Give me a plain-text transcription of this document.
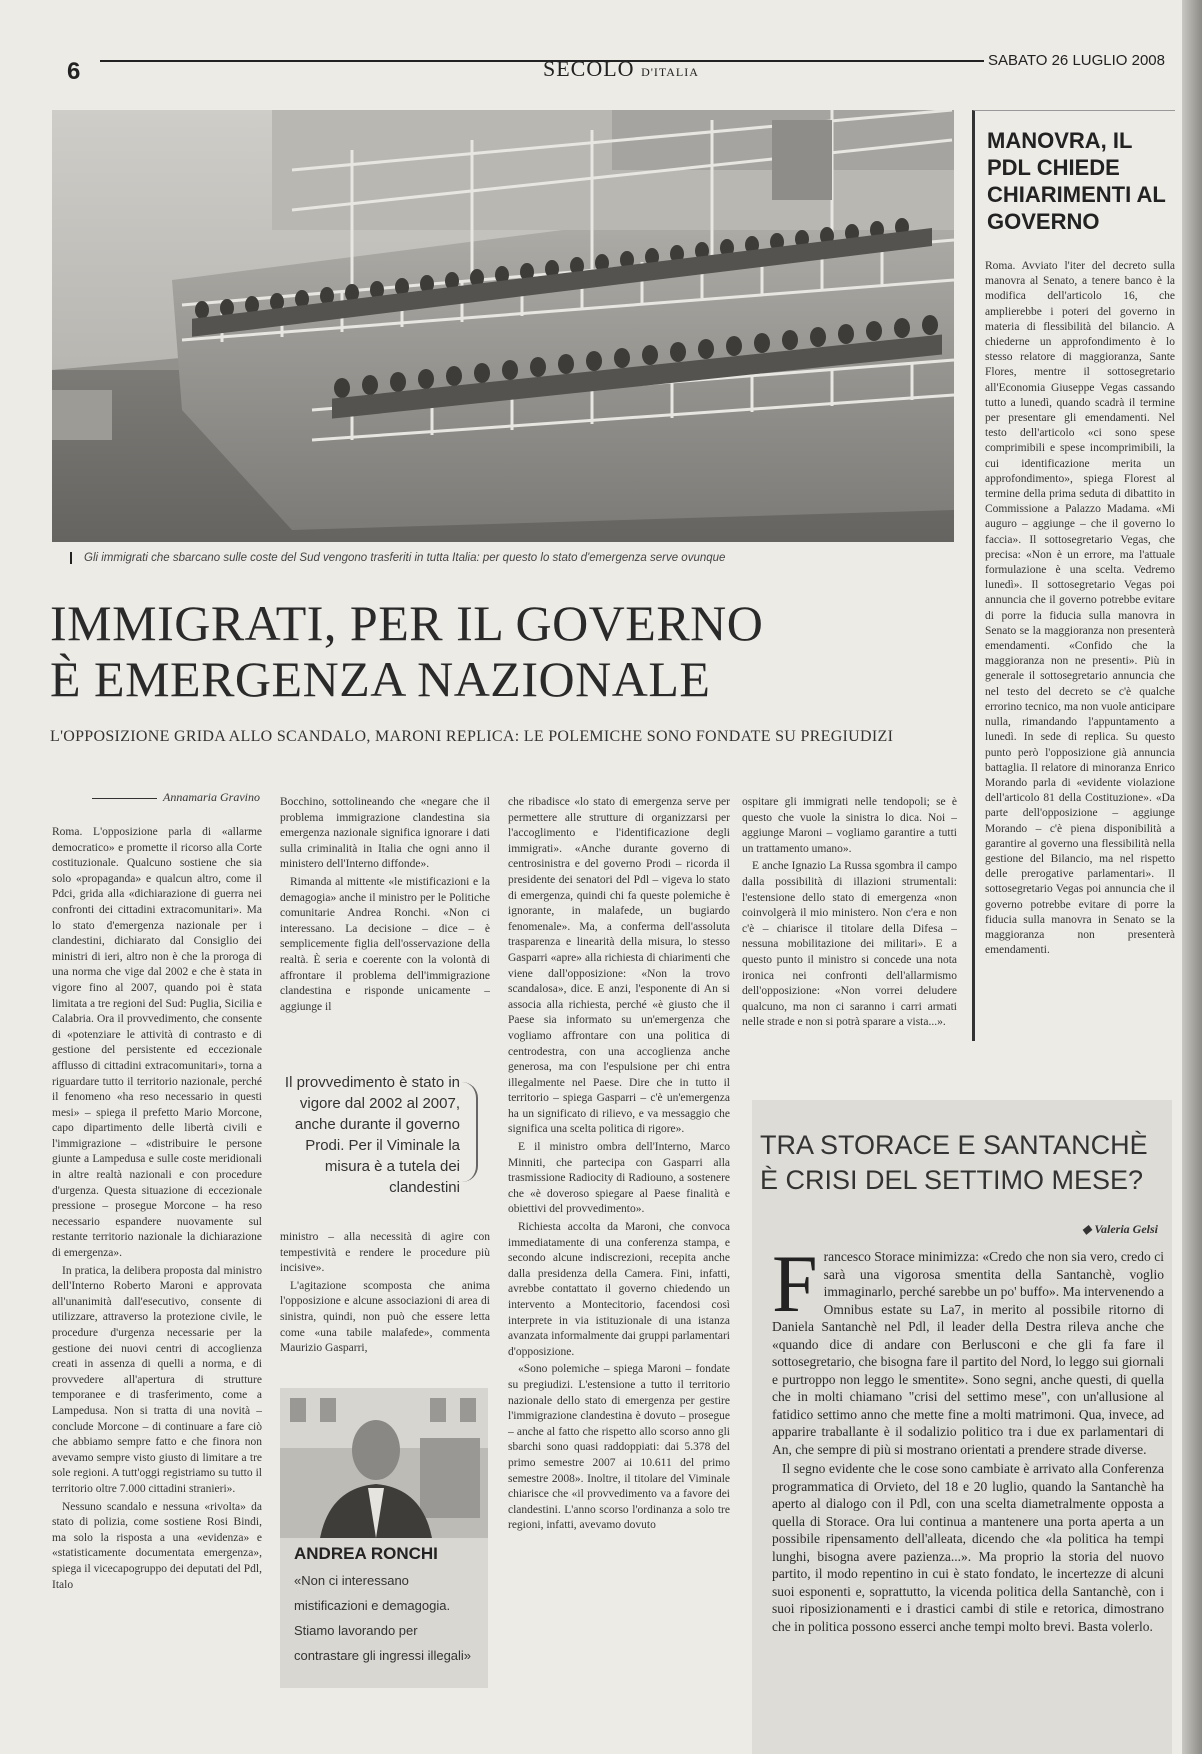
6	SECOLO D'ITALIA
SABATO 26 LUGLIO 2008
Gli immigrati che sbarcano sulle coste del Sud vengono trasferiti in tutta Italia: per questo lo stato d'emergenza serve ovunque
IMMIGRATI, PER IL GOVERNO
È EMERGENZA NAZIONALE
L'OPPOSIZIONE GRIDA ALLO SCANDALO, MARONI REPLICA: LE POLEMICHE SONO FONDATE SU PREGIUDIZI
Annamaria Gravino

Roma. L'opposizione parla di «allarme democratico» e promette il ricorso alla Corte costituzionale. Qualcuno sostiene che sia solo «propaganda» e qualcun altro, come il Pdci, grida alla «dichiarazione di guerra nei confronti dei cittadini extracomunitari». Ma lo stato d'emergenza nazionale per i clandestini, dichiarato dal Consiglio dei ministri di ieri, altro non è che la proroga di una norma che vige dal 2002 e che è stata in vigore fino al 2007, quando poi è stata limitata a tre regioni del Sud: Puglia, Sicilia e Calabria. Ora il provvedimento, che consente di «potenziare le attività di contrasto e di gestione del persistente ed eccezionale afflusso di cittadini extracomunitari», torna a riguardare tutto il territorio nazionale, perché il fenomeno «ha reso necessario in questi mesi» – spiega il prefetto Mario Morcone, capo dipartimento delle libertà civili e l'immigrazione – «distribuire le persone giunte a Lampedusa e sulle coste meridionali in altre realtà nazionali e con procedure d'urgenza. Questa situazione di eccezionale pressione – prosegue Morcone – ha reso necessario espandere nuovamente sul restante territorio nazionale la dichiarazione di emergenza».

In pratica, la delibera proposta dal ministro dell'Interno Roberto Maroni e approvata all'unanimità dall'esecutivo, consente di utilizzare, attraverso la protezione civile, le procedure d'urgenza necessarie per la gestione dei nuovi centri di accoglienza creati in assenza di quelli a norma, e di provvedere all'apertura di strutture temporanee e di trasferimento, come a Lampedusa. Non si tratta di una novità – conclude Morcone – di continuare a fare ciò che abbiamo sempre fatto e che finora non avevamo sempre visto giusto di limitare a tre sole regioni. A tutt'oggi registriamo su tutto il territorio oltre 7.000 cittadini stranieri».

Nessuno scandalo e nessuna «rivolta» da stato di polizia, come sostiene Rosi Bindi, ma solo la risposta a una «evidenza» e «statisticamente documentata emergenza», spiega il vicecapogruppo dei deputati del Pdl, Italo

Bocchino, sottolineando che «negare che il problema immigrazione clandestina sia emergenza nazionale significa ignorare i dati sulla criminalità in Italia che ogni anno il ministero dell'Interno diffonde».

Rimanda al mittente «le mistificazioni e la demagogia» anche il ministro per le Politiche comunitarie Andrea Ronchi. «Non ci interessano. La decisione – dice – è semplicemente figlia dell'osservazione della realtà. È seria e coerente con la volontà di affrontare il problema dell'immigrazione clandestina e risponde unicamente – aggiunge il

Il provvedimento è stato in vigore dal 2002 al 2007, anche durante il governo Prodi. Per il Viminale la misura è a tutela dei clandestini

ministro – alla necessità di agire con tempestività e rendere le procedure più incisive».

L'agitazione scomposta che anima l'opposizione e alcune associazioni di area di sinistra, quindi, non può che essere letta come «una tabile malafede», commenta Maurizio Gasparri,

ANDREA RONCHI
«Non ci interessano mistificazioni e demagogia. Stiamo lavorando per contrastare gli ingressi illegali»

che ribadisce «lo stato di emergenza serve per permettere alle strutture di organizzarsi per l'accoglimento e l'identificazione degli immigrati». «Anche durante governo di centrosinistra e del governo Prodi – ricorda il presidente dei senatori del Pdl – vigeva lo stato di emergenza, quindi chi fa queste polemiche è ignorante, in malafede, un bugiardo fenomenale». Ma, a conferma dell'assoluta trasparenza e linearità della misura, lo stesso Gasparri «apre» alla richiesta di chiarimenti che viene dall'opposizione: «Non la trovo scandalosa», dice. E anzi, l'esponente di An si associa alla richiesta, perché «è giusto che il Paese sia informato su un'emergenza che vogliamo affrontare con una politica di centrodestra, con una accoglienza anche generosa, ma con l'espulsione per chi entra illegalmente nel Paese. Dire che in tutto il territorio – spiega Gasparri – c'è un'emergenza ha un significato di rilievo, e va messaggio che significa una scelta politica di rigore».

E il ministro ombra dell'Interno, Marco Minniti, che partecipa con Gasparri alla trasmissione Radiocity di Radiouno, a sostenere che «è doveroso spiegare al Paese finalità e obiettivi del provvedimento».

Richiesta accolta da Maroni, che convoca immediatamente di una conferenza stampa, e secondo alcune indiscrezioni, recepita anche dalla presidenza della Camera. Fini, infatti, avrebbe contattato il governo chiedendo un intervento a Montecitorio, facendosi così interprete in via istituzionale di una istanza avanzata informalmente dai gruppi parlamentari d'opposizione.

«Sono polemiche – spiega Maroni – fondate su pregiudizi. L'estensione a tutto il territorio nazionale dello stato di emergenza per gestire l'immigrazione clandestina è dovuto – prosegue – anche al fatto che rispetto allo scorso anno gli sbarchi sono quasi raddoppiati: dai 5.378 del primo semestre 2007 ai 10.611 del primo semestre 2008». Inoltre, il titolare del Viminale chiarisce che «il provvedimento va a favore dei clandestini. L'anno scorso l'ordinanza a solo tre regioni, infatti, avevamo dovuto

ospitare gli immigrati nelle tendopoli; se è questo che vuole la sinistra lo dica. Noi – aggiunge Maroni – vogliamo garantire a tutti un trattamento umano».

E anche Ignazio La Russa sgombra il campo dalla possibilità di illazioni strumentali: l'estensione dello stato di emergenza «non coinvolgerà il mio ministero. Non c'era e non c'è – chiarisce il titolare della Difesa – nessuna mobilitazione dei militari». E a questo punto il ministro si concede una nota ironica nei confronti dell'allarmismo dell'opposizione: «Non vorrei deludere qualcuno, ma non ci saranno i carri armati nelle strade e non si potrà sparare a vista...».

MANOVRA, IL PDL CHIEDE CHIARIMENTI AL GOVERNO

Roma. Avviato l'iter del decreto sulla manovra al Senato, a tenere banco è la modifica dell'articolo 16, che amplierebbe i poteri del governo in materia di flessibilità del bilancio. A chiederne un approfondimento è lo stesso relatore di maggioranza, Sante Flores, mentre il sottosegretario all'Economia Giuseppe Vegas cassando tutto a lunedì, quando scadrà il termine per presentare gli emendamenti. Nel testo dell'articolo «ci sono spese comprimibili e spese incomprimibili, la cui identificazione merita un approfondimento», spiega Florest al termine della prima seduta di dibattito in Commissione a Palazzo Madama. «Mi auguro – aggiunge – che il governo lo faccia». Il sottosegretario Vegas, che precisa: «Non è un errore, ma l'attuale formulazione è una scelta. Vedremo lunedì». Il sottosegretario Vegas poi annuncia che il governo potrebbe evitare di porre la fiducia sulla manovra in Senato se la maggioranza non presenterà emendamenti. «Confido che la maggioranza non ne presenti». Più in generale il sottosegretario annuncia che nel testo del decreto se c'è qualche errorino tecnico, ma non vuole anticipare nulla, rimandando l'appuntamento a lunedì. In sede di replica. Su questo punto però l'opposizione già annuncia battaglia. Il relatore di minoranza Enrico Morando parla di «evidente violazione dell'articolo 81 della Costituzione». «Da parte dell'opposizione – aggiunge Morando – c'è piena disponibilità a garantire al governo una flessibilità nella gestione del Bilancio, ma nel rispetto delle prerogative parlamentari». Il sottosegretario Vegas poi annuncia che il governo potrebbe evitare di porre la fiducia sulla manovra in Senato se la maggioranza non presenterà emendamenti.

TRA STORACE E SANTANCHÈ
È CRISI DEL SETTIMO MESE?
◆ Valeria Gelsi

Francesco Storace minimizza: «Credo che non sia vero, credo ci sarà una vigorosa smentita della Santanchè, voglio immaginarlo, perché sarebbe un po' buffo». Ma intervenendo a Omnibus estate su La7, in merito al possibile ritorno di Daniela Santanchè nel Pdl, il leader della Destra rileva anche che «quando dice di andare con Berlusconi e che gli fa fare il sottosegretario, che bisogna fare il partito del Nord, lo leggo sui giornali e purtroppo non leggo le smentite». Sono segni, anche questi, di quella che in molti chiamano "crisi del settimo mese", con un'allusione al fatidico settimo anno che mette fine a molti matrimoni. Qua, invece, ad apparire traballante è il sodalizio politico tra i due ex parlamentari di An, che sempre di più si mostrano orientati a prendere strade diverse.

Il segno evidente che le cose sono cambiate è arrivato alla Conferenza programmatica di Orvieto, del 18 e 20 luglio, quando la Santanchè ha aperto al dialogo con il Pdl, con una scelta diametralmente opposta a quella di Storace. Ora lui continua a mantenere una porta aperta a un possibile ripensamento dell'alleata, dicendo che «la politica ha tempi lunghi, bisogna avere pazienza...». Ma proprio la storia del nuovo partito, il modo repentino in cui è stato fondato, le incertezze di alcuni suoi esponenti e, soprattutto, la vicenda politica della Santanchè, con i suoi riposizionamenti e i drastici cambi di stile e retorica, dimostrano che in politica possono esserci anche tempi molto brevi. Basta volerlo.
